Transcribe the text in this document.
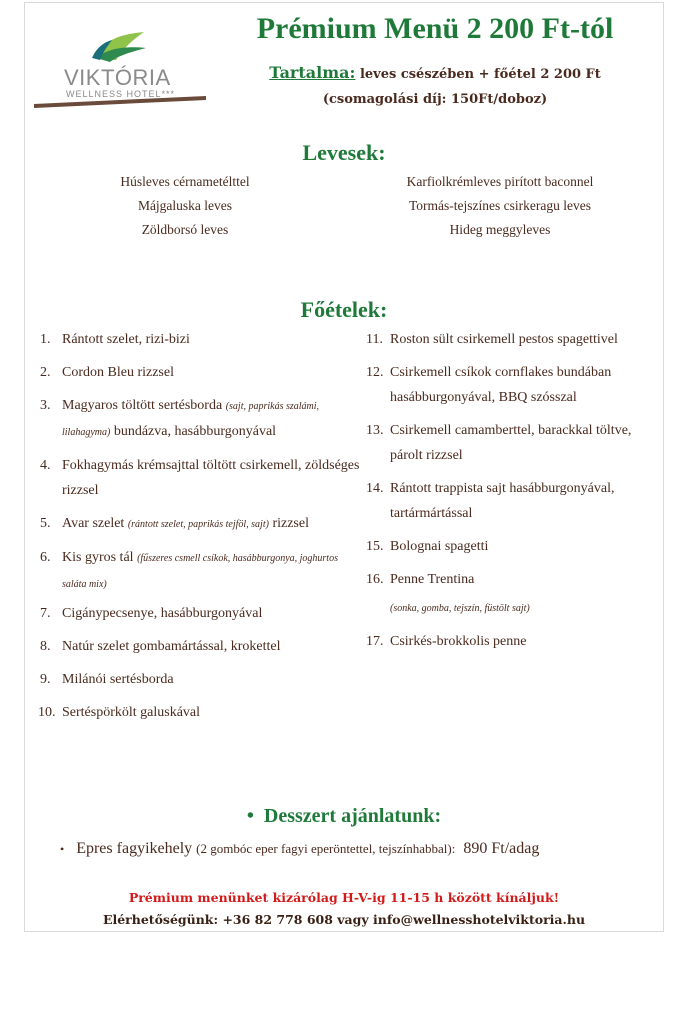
VIKTÓRIA
WELLNESS HOTEL***
Prémium Menü 2 200 Ft-tól
Tartalma: leves csészében + főétel 2 200 Ft
(csomagolási díj: 150Ft/doboz)
Levesek:
Húsleves cérnametélttel
Májgaluska leves
Zöldborsó leves
Karfiolkrémleves pirított baconnel
Tormás-tejszínes csirkeragu leves
Hideg meggyleves
Főételek:
1. Rántott szelet, rizi-bizi
2. Cordon Bleu rizzsel
3. Magyaros töltött sertésborda (sajt, paprikás szalámi, lilahagyma) bundázva, hasábburgonyával
4. Fokhagymás krémsajttal töltött csirkemell, zöldséges rizzsel
5. Avar szelet (rántott szelet, paprikás tejföl, sajt) rizzsel
6. Kis gyros tál (fűszeres csmell csíkok, hasábburgonya, joghurtos saláta mix)
7. Cigánypecsenye, hasábburgonyával
8. Natúr szelet gombamártással, krokettel
9. Milánói sertésborda
10. Sertéspörkölt galuskával
11. Roston sült csirkemell pestos spagettivel
12. Csirkemell csíkok cornflakes bundában hasábburgonyával, BBQ szósszal
13. Csirkemell camamberttel, barackkal töltve, párolt rizzsel
14. Rántott trappista sajt hasábburgonyával, tartármártással
15. Bolognai spagetti
16. Penne Trentina
(sonka, gomba, tejszín, füstölt sajt)
17. Csirkés-brokkolis penne
• Desszert ajánlatunk:
• Epres fagyikehely (2 gombóc eper fagyi eperöntettel, tejszínhabbal): 890 Ft/adag
Prémium menünket kizárólag H-V-ig 11-15 h között kínáljuk!
Elérhetőségünk: +36 82 778 608 vagy info@wellnesshotelviktoria.hu
